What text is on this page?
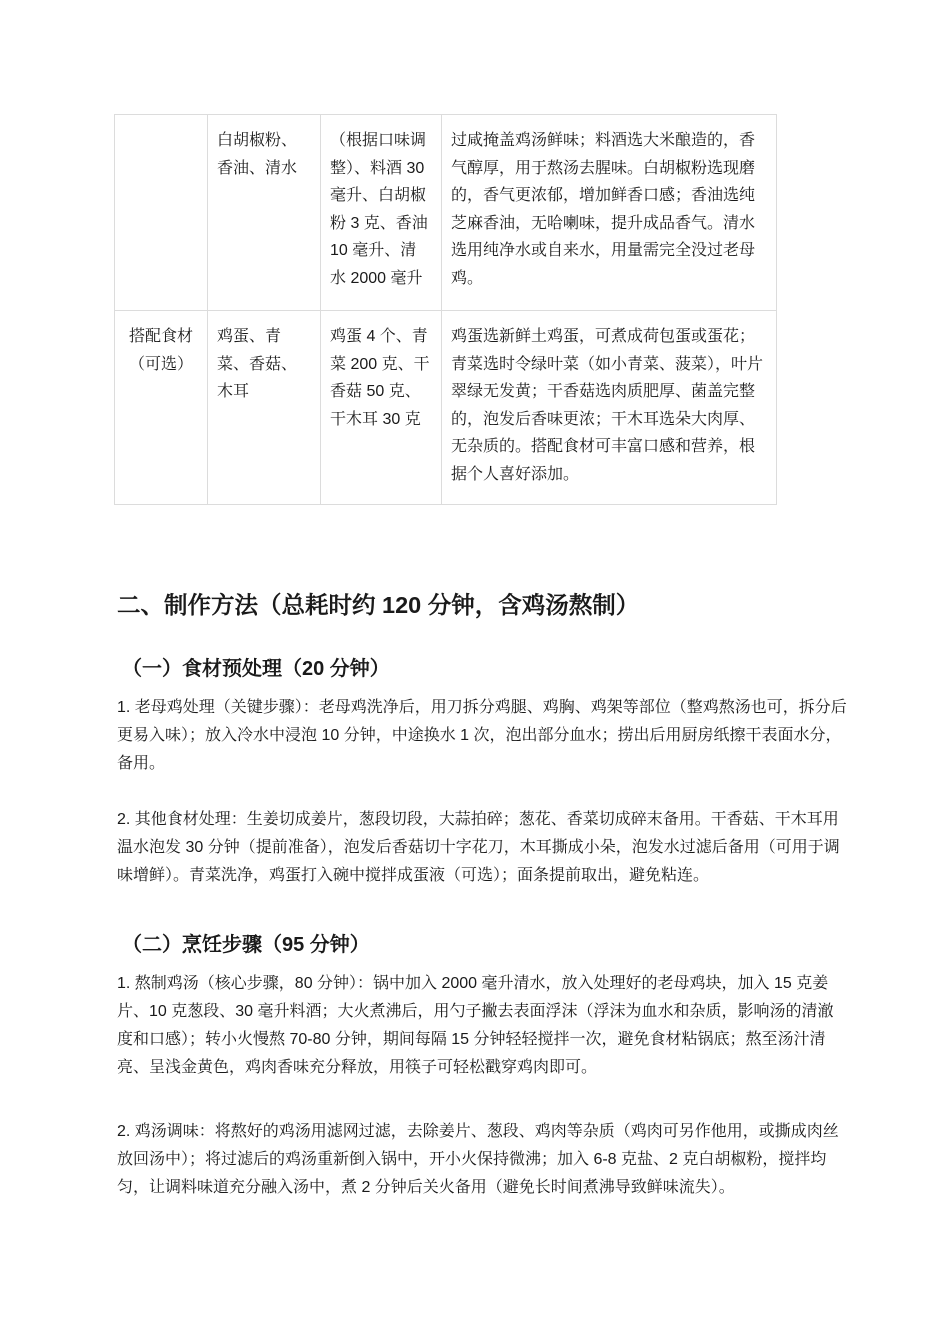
	白胡椒粉、香油、清水	（根据口味调整）、料酒 30 毫升、白胡椒粉 3 克、香油 10 毫升、清水 2000 毫升	过咸掩盖鸡汤鲜味；料酒选大米酿造的，香气醇厚，用于熬汤去腥味。白胡椒粉选现磨的，香气更浓郁，增加鲜香口感；香油选纯芝麻香油，无哈喇味，提升成品香气。清水选用纯净水或自来水，用量需完全没过老母鸡。
搭配食材（可选）	鸡蛋、青菜、香菇、木耳	鸡蛋 4 个、青菜 200 克、干香菇 50 克、干木耳 30 克	鸡蛋选新鲜土鸡蛋，可煮成荷包蛋或蛋花；青菜选时令绿叶菜（如小青菜、菠菜），叶片翠绿无发黄；干香菇选肉质肥厚、菌盖完整的，泡发后香味更浓；干木耳选朵大肉厚、无杂质的。搭配食材可丰富口感和营养，根据个人喜好添加。
二、制作方法（总耗时约 120 分钟，含鸡汤熬制）
（一）食材预处理（20 分钟）

1. 老母鸡处理（关键步骤）：老母鸡洗净后，用刀拆分鸡腿、鸡胸、鸡架等部位（整鸡熬汤也可，拆分后更易入味）；放入冷水中浸泡 10 分钟，中途换水 1 次，泡出部分血水；捞出后用厨房纸擦干表面水分，备用。

2. 其他食材处理：生姜切成姜片，葱段切段，大蒜拍碎；葱花、香菜切成碎末备用。干香菇、干木耳用温水泡发 30 分钟（提前准备），泡发后香菇切十字花刀，木耳撕成小朵，泡发水过滤后备用（可用于调味增鲜）。青菜洗净，鸡蛋打入碗中搅拌成蛋液（可选）；面条提前取出，避免粘连。

（二）烹饪步骤（95 分钟）

1. 熬制鸡汤（核心步骤，80 分钟）：锅中加入 2000 毫升清水，放入处理好的老母鸡块，加入 15 克姜片、10 克葱段、30 毫升料酒；大火煮沸后，用勺子撇去表面浮沫（浮沫为血水和杂质，影响汤的清澈度和口感）；转小火慢熬 70-80 分钟，期间每隔 15 分钟轻轻搅拌一次，避免食材粘锅底；熬至汤汁清亮、呈浅金黄色，鸡肉香味充分释放，用筷子可轻松戳穿鸡肉即可。

2. 鸡汤调味：将熬好的鸡汤用滤网过滤，去除姜片、葱段、鸡肉等杂质（鸡肉可另作他用，或撕成肉丝放回汤中）；将过滤后的鸡汤重新倒入锅中，开小火保持微沸；加入 6-8 克盐、2 克白胡椒粉，搅拌均匀，让调料味道充分融入汤中，煮 2 分钟后关火备用（避免长时间煮沸导致鲜味流失）。
